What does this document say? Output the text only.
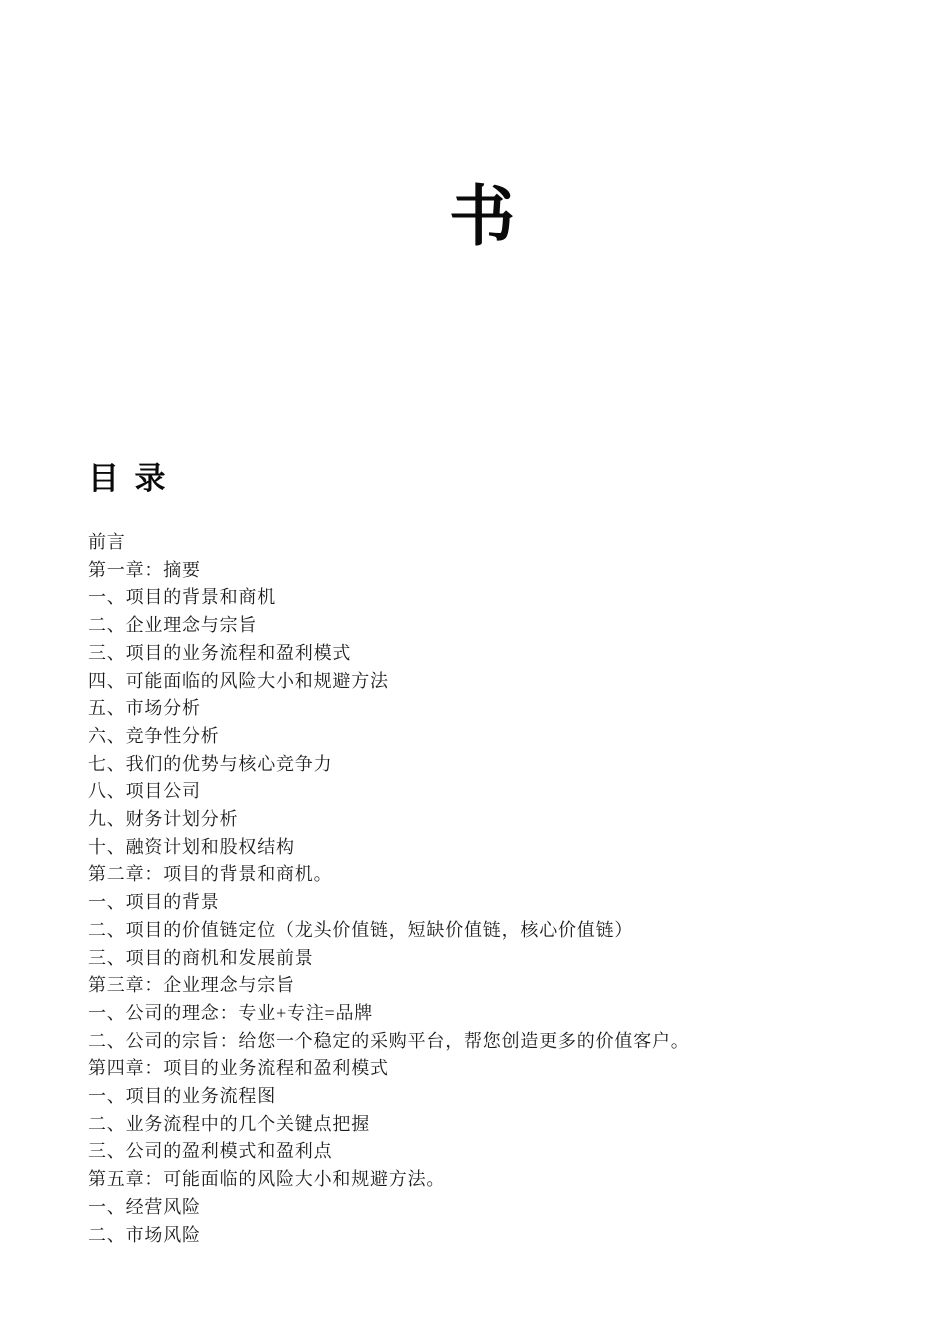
书
目  录
前言
第一章：摘要
一、项目的背景和商机
二、企业理念与宗旨
三、项目的业务流程和盈利模式
四、可能面临的风险大小和规避方法
五、市场分析
六、竞争性分析
七、我们的优势与核心竞争力
八、项目公司
九、财务计划分析
十、融资计划和股权结构
第二章：项目的背景和商机。
一、项目的背景
二、项目的价值链定位（龙头价值链，短缺价值链，核心价值链）
三、项目的商机和发展前景
第三章：企业理念与宗旨
一、公司的理念：专业+专注=品牌
二、公司的宗旨：给您一个稳定的采购平台，帮您创造更多的价值客户。
第四章：项目的业务流程和盈利模式
一、项目的业务流程图
二、业务流程中的几个关键点把握
三、公司的盈利模式和盈利点
第五章：可能面临的风险大小和规避方法。
一、经营风险
二、市场风险
